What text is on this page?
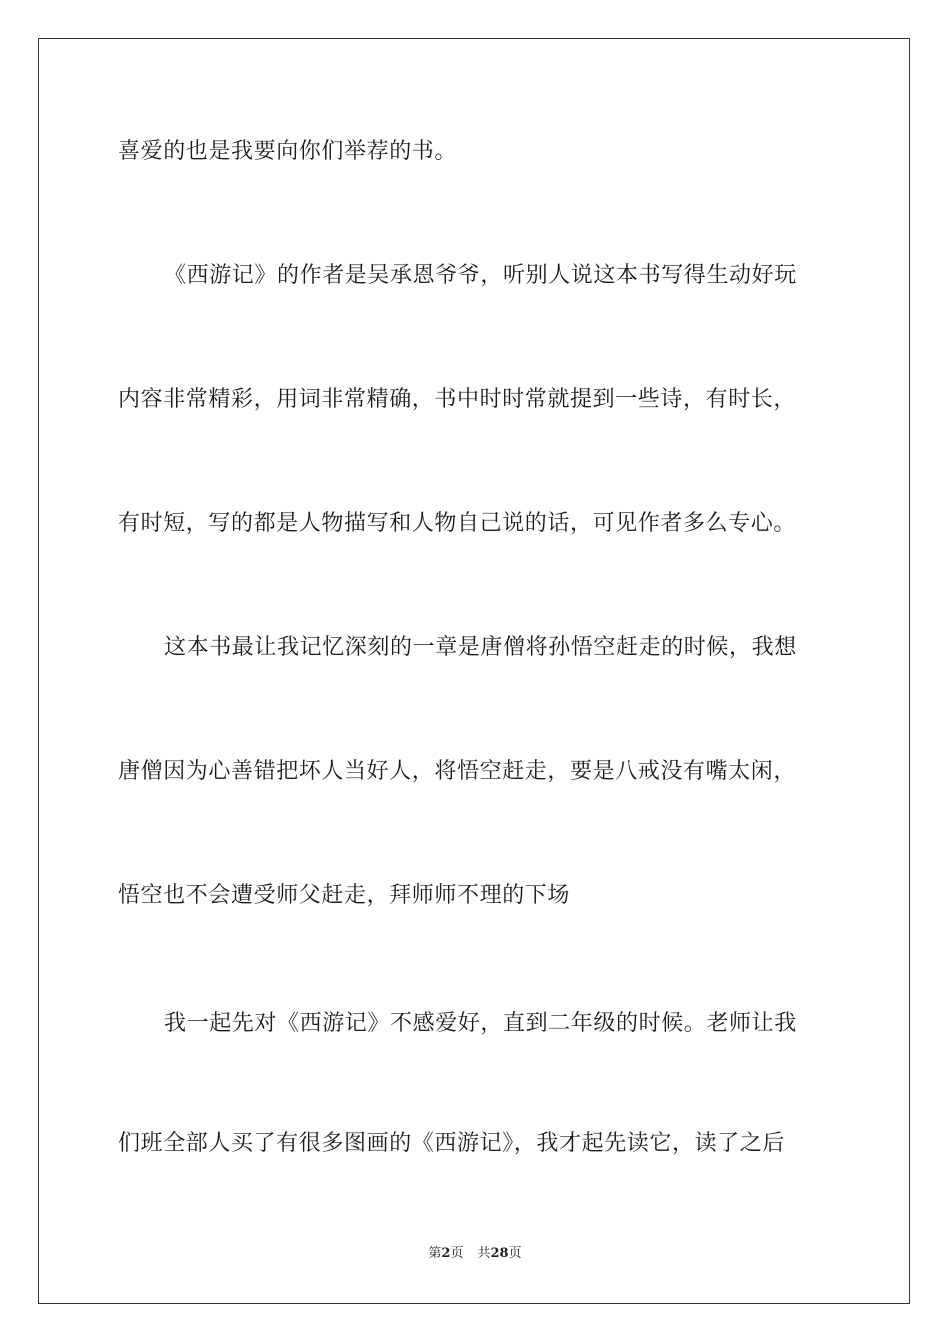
喜爱的也是我要向你们举荐的书。
《西游记》的作者是吴承恩爷爷，听别人说这本书写得生动好玩
内容非常精彩，用词非常精确，书中时时常就提到一些诗，有时长，
有时短，写的都是人物描写和人物自己说的话，可见作者多么专心。
这本书最让我记忆深刻的一章是唐僧将孙悟空赶走的时候，我想
唐僧因为心善错把坏人当好人，将悟空赶走，要是八戒没有嘴太闲，
悟空也不会遭受师父赶走，拜师师不理的下场
我一起先对《西游记》不感爱好，直到二年级的时候。老师让我
们班全部人买了有很多图画的《西游记》，我才起先读它，读了之后
第2页 共28页
